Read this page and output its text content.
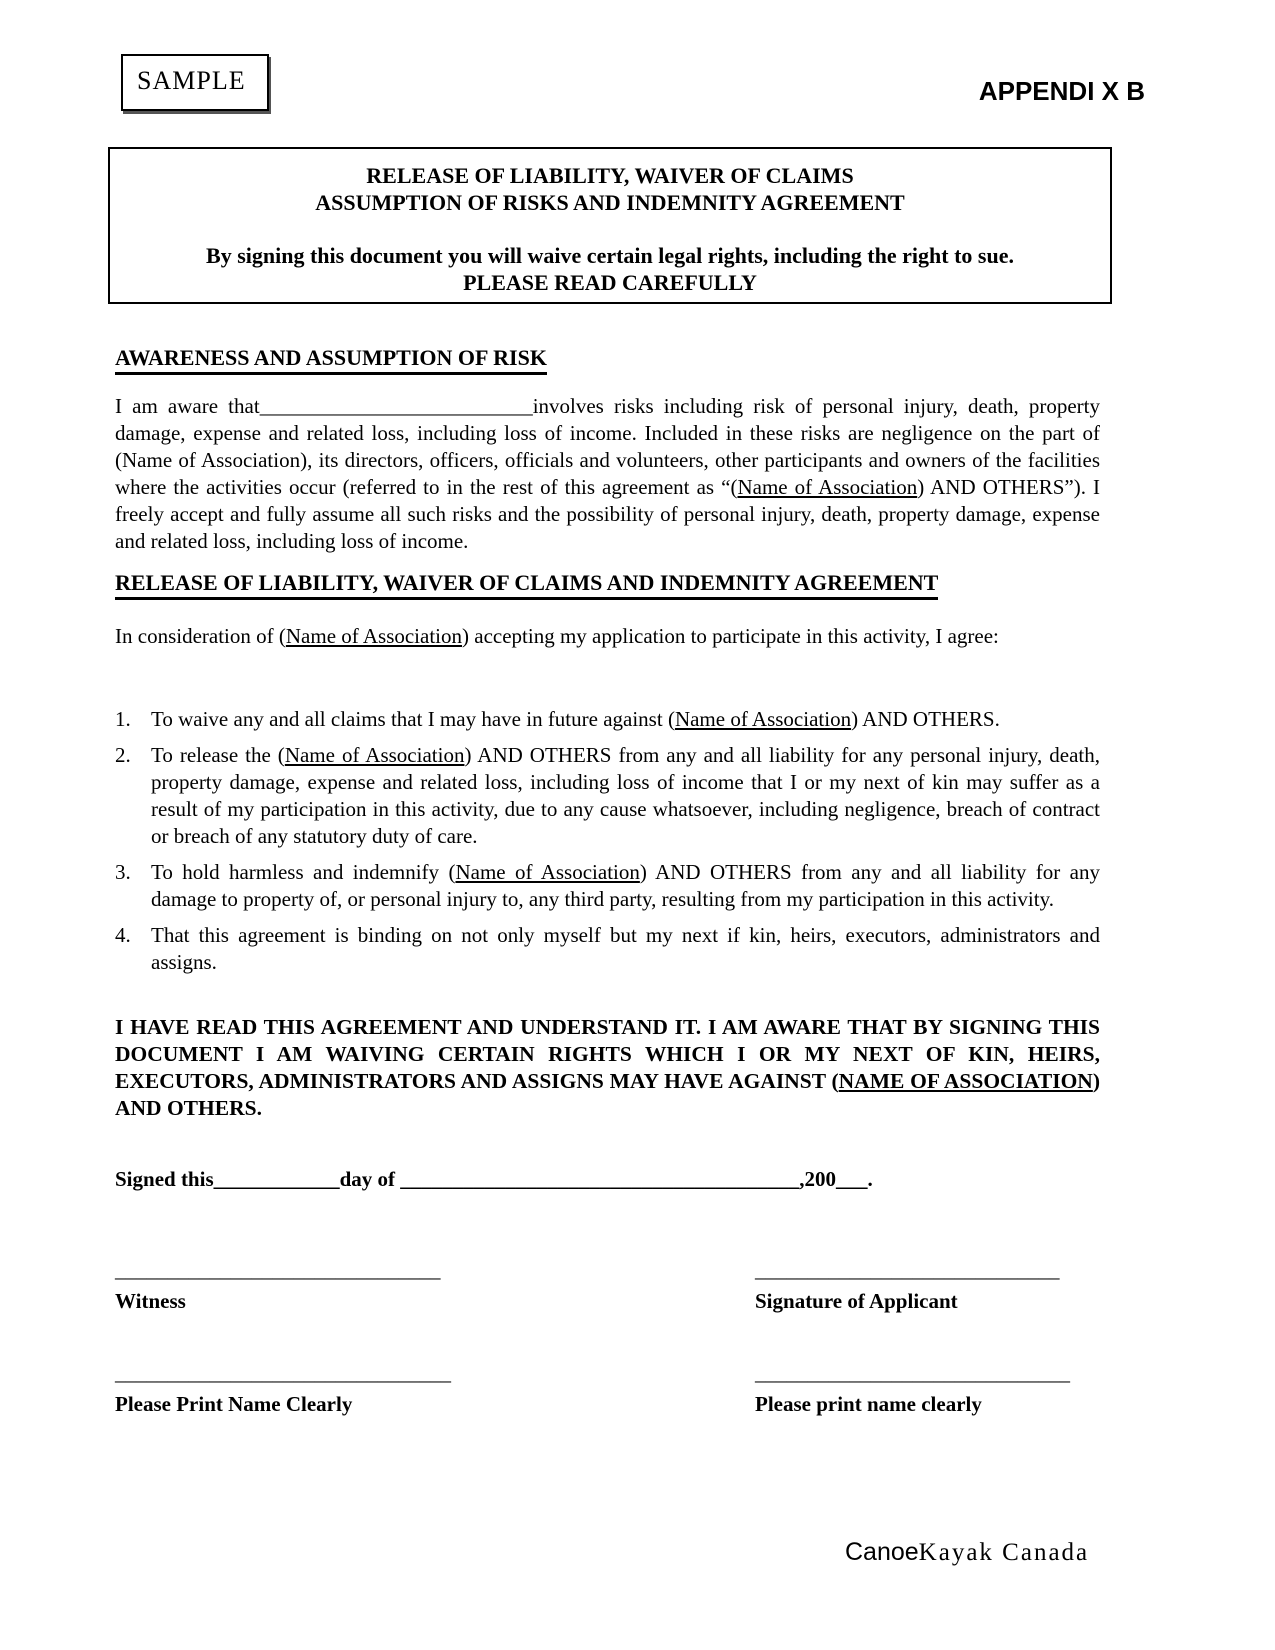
SAMPLE	APPENDI X B
RELEASE OF LIABILITY, WAIVER OF CLAIMS
ASSUMPTION OF RISKS AND INDEMNITY AGREEMENT
By signing this document you will waive certain legal rights, including the right to sue.
PLEASE READ CAREFULLY
AWARENESS AND ASSUMPTION OF RISK

I am aware that__________________________involves risks including risk of personal injury, death, property damage, expense and related loss, including loss of income. Included in these risks are negligence on the part of (Name of Association), its directors, officers, officials and volunteers, other participants and owners of the facilities where the activities occur (referred to in the rest of this agreement as “(Name of Association) AND OTHERS”). I freely accept and fully assume all such risks and the possibility of personal injury, death, property damage, expense and related loss, including loss of income.

RELEASE OF LIABILITY, WAIVER OF CLAIMS AND INDEMNITY AGREEMENT

In consideration of (Name of Association) accepting my application to participate in this activity, I agree:

1. To waive any and all claims that I may have in future against (Name of Association) AND OTHERS.
2. To release the (Name of Association) AND OTHERS from any and all liability for any personal injury, death, property damage, expense and related loss, including loss of income that I or my next of kin may suffer as a result of my participation in this activity, due to any cause whatsoever, including negligence, breach of contract or breach of any statutory duty of care.
3. To hold harmless and indemnify (Name of Association) AND OTHERS from any and all liability for any damage to property of, or personal injury to, any third party, resulting from my participation in this activity.
4. That this agreement is binding on not only myself but my next if kin, heirs, executors, administrators and assigns.

I HAVE READ THIS AGREEMENT AND UNDERSTAND IT. I AM AWARE THAT BY SIGNING THIS DOCUMENT I AM WAIVING CERTAIN RIGHTS WHICH I OR MY NEXT OF KIN, HEIRS, EXECUTORS, ADMINISTRATORS AND ASSIGNS MAY HAVE AGAINST (NAME OF ASSOCIATION) AND OTHERS.

Signed this____________day of ______________________________________,200___.
_______________________________
Witness
_____________________________
Signature of Applicant
________________________________
Please Print Name Clearly
______________________________
Please print name clearly
CanoeKayak Canada
